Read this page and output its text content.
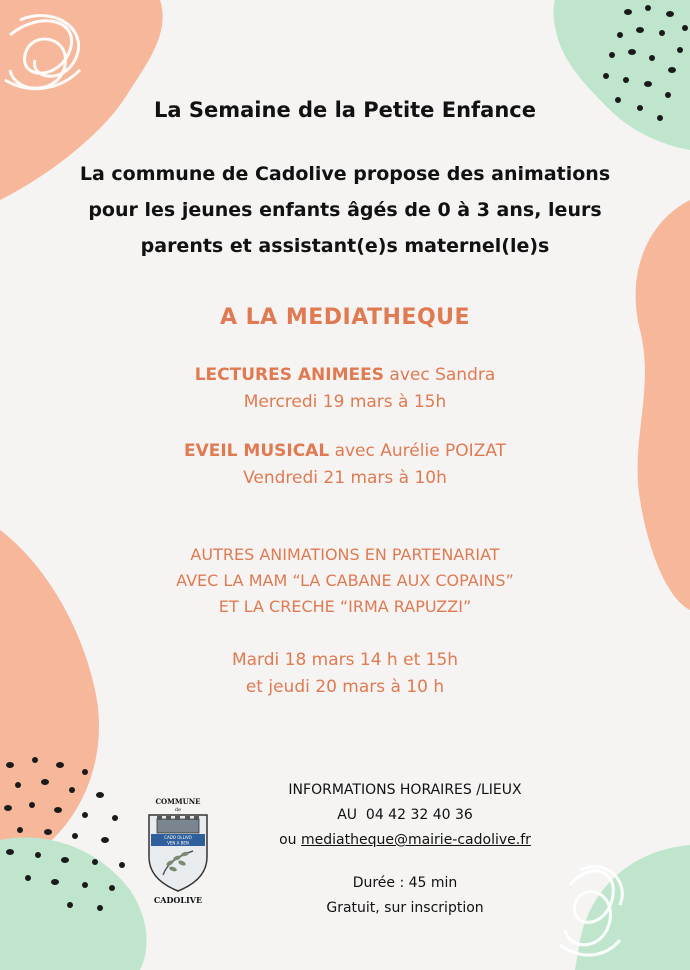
La Semaine de la Petite Enfance
La commune de Cadolive propose des animations
pour les jeunes enfants âgés de 0 à 3 ans, leurs
parents et assistant(e)s maternel(le)s
A LA MEDIATHEQUE
LECTURES ANIMEES avec Sandra
Mercredi 19 mars à 15h
EVEIL MUSICAL avec Aurélie POIZAT
Vendredi 21 mars à 10h
AUTRES ANIMATIONS EN PARTENARIAT
AVEC LA MAM “LA CABANE AUX COPAINS”
ET LA CRECHE “IRMA RAPUZZI”
Mardi 18 mars 14 h et 15h
et jeudi 20 mars à 10 h
COMMUNE
de
CADO OLLIVO
VEN A BEN
CADOLIVE
INFORMATIONS HORAIRES /LIEUX
AU 04 42 32 40 36
ou mediatheque@mairie-cadolive.fr
Durée : 45 min
Gratuit, sur inscription
